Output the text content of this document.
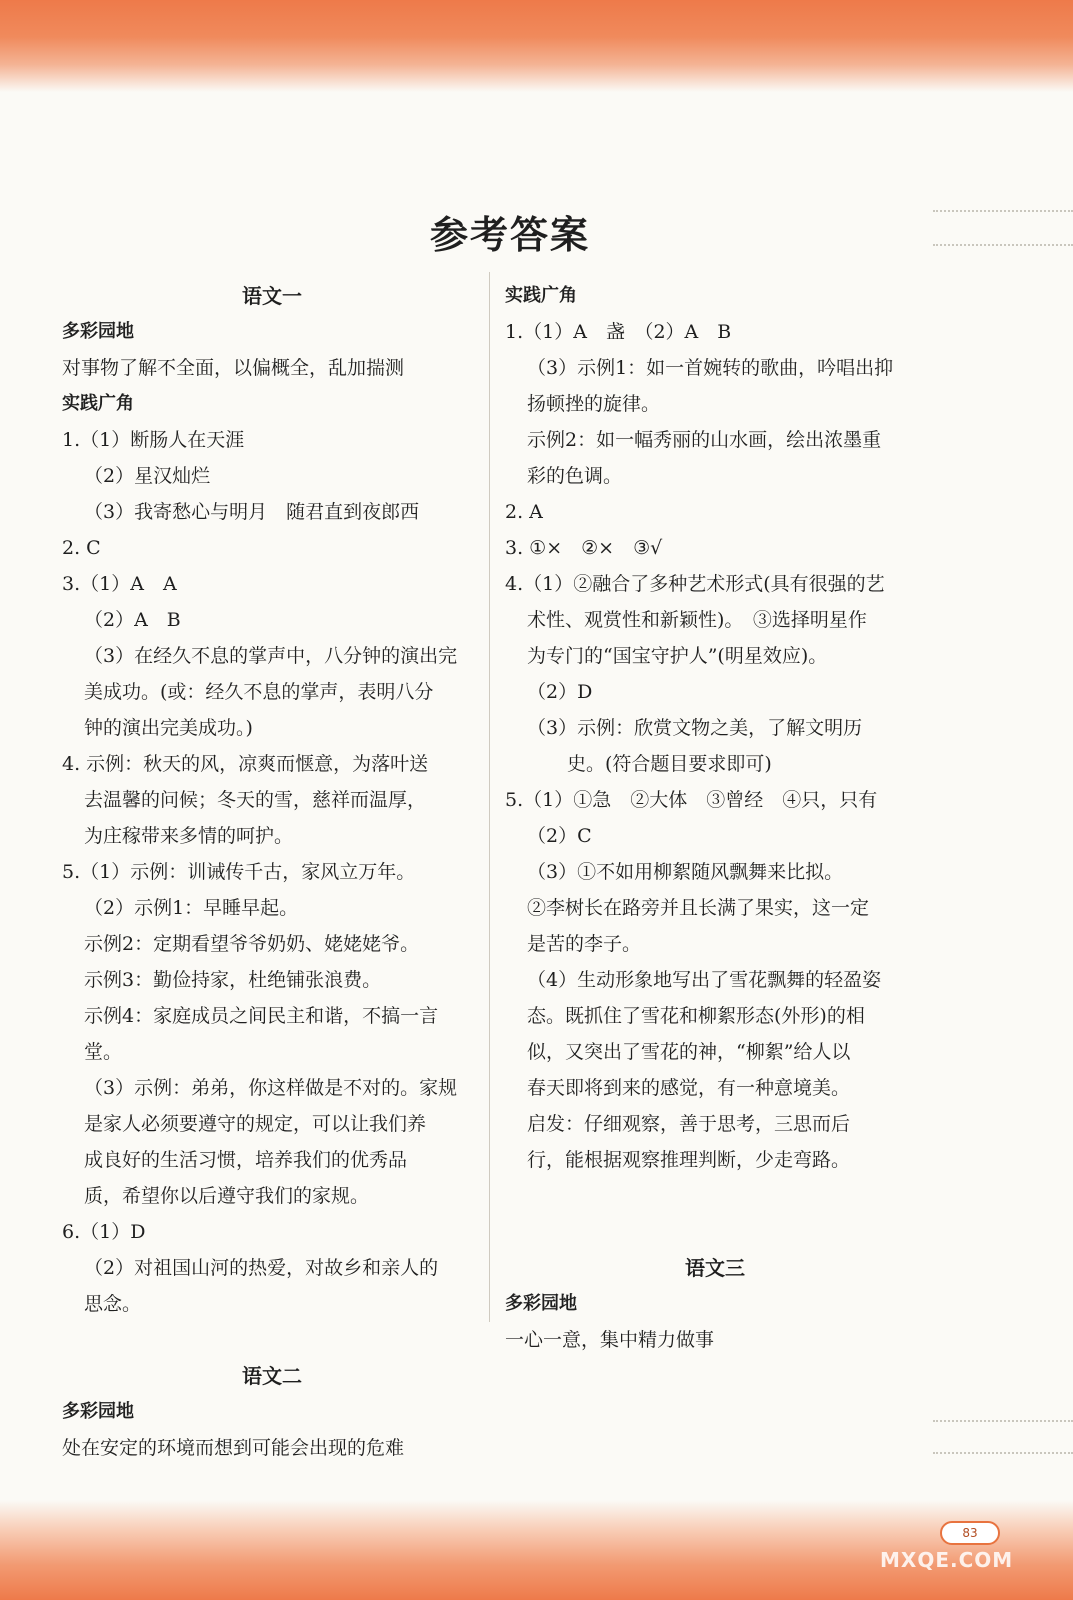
参考答案
语文一
多彩园地
对事物了解不全面，以偏概全，乱加揣测
实践广角
1.（1）断肠人在天涯
（2）星汉灿烂
（3）我寄愁心与明月　随君直到夜郎西
2. C
3.（1）A　A
（2）A　B
（3）在经久不息的掌声中，八分钟的演出完
美成功。(或：经久不息的掌声，表明八分
钟的演出完美成功。)
4. 示例：秋天的风，凉爽而惬意，为落叶送
去温馨的问候；冬天的雪，慈祥而温厚，
为庄稼带来多情的呵护。
5.（1）示例：训诫传千古，家风立万年。
（2）示例1：早睡早起。
示例2：定期看望爷爷奶奶、姥姥姥爷。
示例3：勤俭持家，杜绝铺张浪费。
示例4：家庭成员之间民主和谐，不搞一言
堂。
（3）示例：弟弟，你这样做是不对的。家规
是家人必须要遵守的规定，可以让我们养
成良好的生活习惯，培养我们的优秀品
质，希望你以后遵守我们的家规。
6.（1）D
（2）对祖国山河的热爱，对故乡和亲人的
思念。
语文二
多彩园地
处在安定的环境而想到可能会出现的危难
实践广角
1.（1）A　盏　（2）A　B
（3）示例1：如一首婉转的歌曲，吟唱出抑
扬顿挫的旋律。
示例2：如一幅秀丽的山水画，绘出浓墨重
彩的色调。
2. A
3. ①×　②×　③√
4.（1）②融合了多种艺术形式(具有很强的艺
术性、观赏性和新颖性)。　③选择明星作
为专门的“国宝守护人”(明星效应)。
（2）D
（3）示例：欣赏文物之美，了解文明历
史。(符合题目要求即可)
5.（1）①急　②大体　③曾经　④只，只有
（2）C
（3）①不如用柳絮随风飘舞来比拟。
②李树长在路旁并且长满了果实，这一定
是苦的李子。
（4）生动形象地写出了雪花飘舞的轻盈姿
态。既抓住了雪花和柳絮形态(外形)的相
似，又突出了雪花的神，“柳絮”给人以
春天即将到来的感觉，有一种意境美。
启发：仔细观察，善于思考，三思而后
行，能根据观察推理判断，少走弯路。
语文三
多彩园地
一心一意，集中精力做事
83
MXQE.COM
